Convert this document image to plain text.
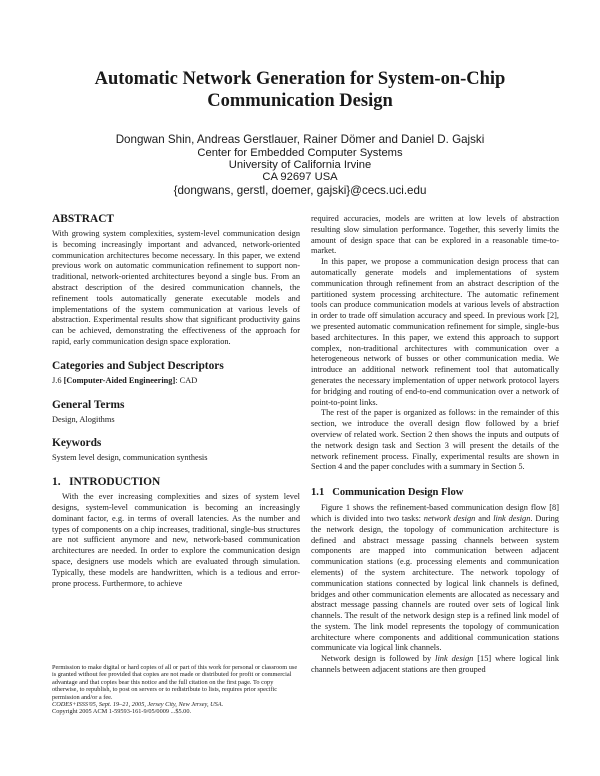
Automatic Network Generation for System-on-Chip
Communication Design
Dongwan Shin, Andreas Gerstlauer, Rainer Dömer and Daniel D. Gajski
Center for Embedded Computer Systems
University of California Irvine
CA 92697 USA
{dongwans, gerstl, doemer, gajski}@cecs.uci.edu
ABSTRACT

With growing system complexities, system-level communication design is becoming increasingly important and advanced, network-oriented communication architectures become necessary. In this paper, we extend previous work on automatic communication refinement to support non-traditional, network-oriented architectures beyond a single bus. From an abstract description of the desired communication channels, the refinement tools automatically generate executable models and implementations of the system communication at various levels of abstraction. Experimental results show that significant productivity gains can be achieved, demonstrating the effectiveness of the approach for rapid, early communication design space exploration.

Categories and Subject Descriptors

J.6 [Computer-Aided Engineering]: CAD

General Terms

Design, Alogithms

Keywords

System level design, communication synthesis

1.   INTRODUCTION

With the ever increasing complexities and sizes of system level designs, system-level communication is becoming an increasingly dominant factor, e.g. in terms of overall latencies. As the number and types of components on a chip increases, traditional, single-bus structures are not sufficient anymore and new, network-based communication architectures are needed. In order to explore the communication design space, designers use models which are evaluated through simulation. Typically, these models are handwritten, which is a tedious and error-prone process. Furthermore, to achieve

Permission to make digital or hard copies of all or part of this work for personal or classroom use is granted without fee provided that copies are not made or distributed for profit or commercial advantage and that copies bear this notice and the full citation on the first page. To copy otherwise, to republish, to post on servers or to redistribute to lists, requires prior specific permission and/or a fee.

CODES+ISSS'05, Sept. 19–21, 2005, Jersey City, New Jersey, USA.

Copyright 2005 ACM 1-59593-161-9/05/0009 ...$5.00.

required accuracies, models are written at low levels of abstraction resulting slow simulation performance. Together, this severly limits the amount of design space that can be explored in a reasonable time-to-market.

In this paper, we propose a communication design process that can automatically generate models and implementations of system communication through refinement from an abstract description of the partitioned system processing architecture. The automatic refinement tools can produce communication models at various levels of abstraction in order to trade off simulation accuracy and speed. In previous work [2], we presented automatic communication refinement for simple, single-bus based architectures. In this paper, we extend this approach to support complex, non-traditional architectures with communication over a heterogeneous network of busses or other communication media. We introduce an additional network refinement tool that automatically generates the necessary implementation of upper network protocol layers for bridging and routing of end-to-end communication over a network of point-to-point links.

The rest of the paper is organized as follows: in the remainder of this section, we introduce the overall design flow followed by a brief overview of related work. Section 2 then shows the inputs and outputs of the network design task and Section 3 will present the details of the network refinement process. Finally, experimental results are shown in Section 4 and the paper concludes with a summary in Section 5.

1.1   Communication Design Flow

Figure 1 shows the refinement-based communication design flow [8] which is divided into two tasks: network design and link design. During the network design, the topology of communication architecture is defined and abstract message passing channels between system components are mapped into communication between adjacent communication stations (e.g. processing elements and communication elements) of the system architecture. The network topology of communication stations connected by logical link channels is defined, bridges and other communication elements are allocated as necessary and abstract message passing channels are routed over sets of logical link channels. The result of the network design step is a refined link model of the system. The link model represents the topology of communication architecture where components and additional communication stations communicate via logical link channels.

Network design is followed by link design [15] where logical link channels between adjacent stations are then grouped
